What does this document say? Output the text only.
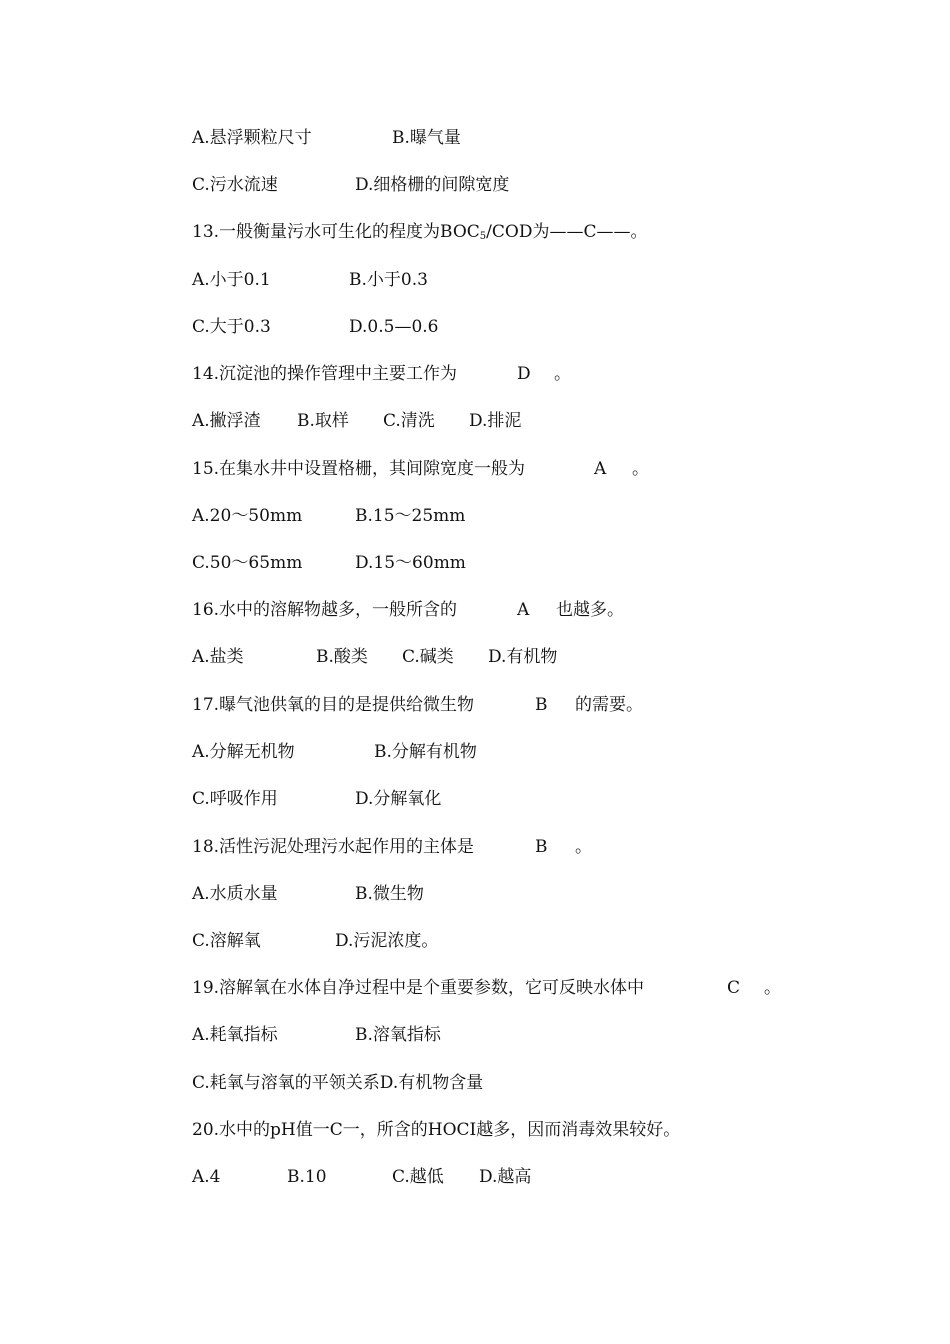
A.悬浮颗粒尺寸	B.曝气量
C.污水流速	D.细格栅的间隙宽度
13.一般衡量污水可生化的程度为$BOC_5$/COD为——C——。
A.小于0.1	B.小于0.3
C.大于0.3	D.0.5—0.6
14.沉淀池的操作管理中主要工作为	D 。
A.撇浮渣 B.取样 C.清洗 D.排泥
15.在集水井中设置格栅，其间隙宽度一般为	A 。
A.20～50mm	B.15～25mm
C.50～65mm	D.15～60mm
16.水中的溶解物越多，一般所含的	A 也越多。
A.盐类	B.酸类 C.碱类 D.有机物
17.曝气池供氧的目的是提供给微生物	B 的需要。
A.分解无机物	B.分解有机物
C.呼吸作用	D.分解氧化
18.活性污泥处理污水起作用的主体是	B 。
A.水质水量	B.微生物
C.溶解氧	D.污泥浓度。
19.溶解氧在水体自净过程中是个重要参数，它可反映水体中	C 。
A.耗氧指标	B.溶氧指标
C.耗氧与溶氧的平领关系D.有机物含量
20.水中的pH值一C一，所含的HOCI越多，因而消毒效果较好。
A.4	B.10	C.越低 D.越高
